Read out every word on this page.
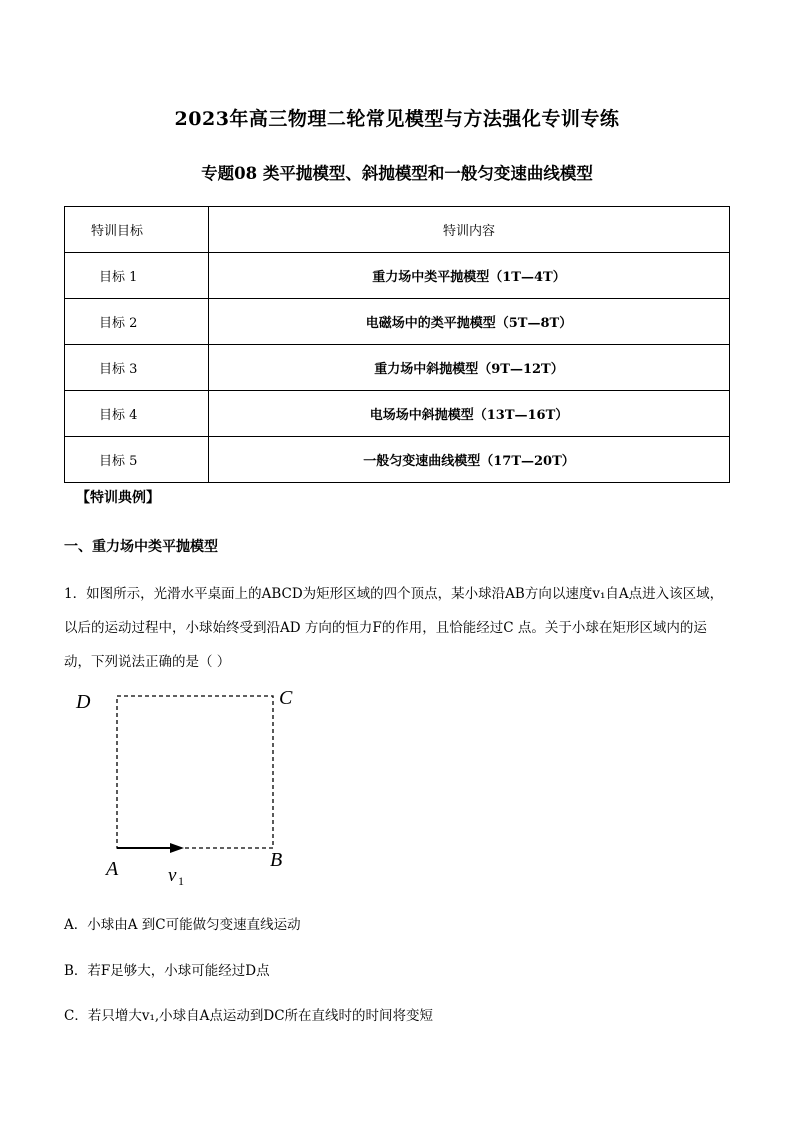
2023年高三物理二轮常见模型与方法强化专训专练
专题08 类平抛模型、斜抛模型和一般匀变速曲线模型
特训目标	特训内容
目标 1	重力场中类平抛模型（1T—4T）
目标 2	电磁场中的类平抛模型（5T—8T）
目标 3	重力场中斜抛模型（9T—12T）
目标 4	电场场中斜抛模型（13T—16T）
目标 5	一般匀变速曲线模型（17T—20T）
【特训典例】
一、重力场中类平抛模型
1．如图所示，光滑水平桌面上的ABCD为矩形区域的四个顶点，某小球沿AB方向以速度v₁自A点进入该区域，以后的运动过程中，小球始终受到沿AD 方向的恒力F的作用，且恰能经过C 点。关于小球在矩形区域内的运动，下列说法正确的是（ ）
D	C
A	B
v 1
A．小球由A 到C可能做匀变速直线运动
B．若F足够大，小球可能经过D点
C．若只增大v₁,小球自A点运动到DC所在直线时的时间将变短
